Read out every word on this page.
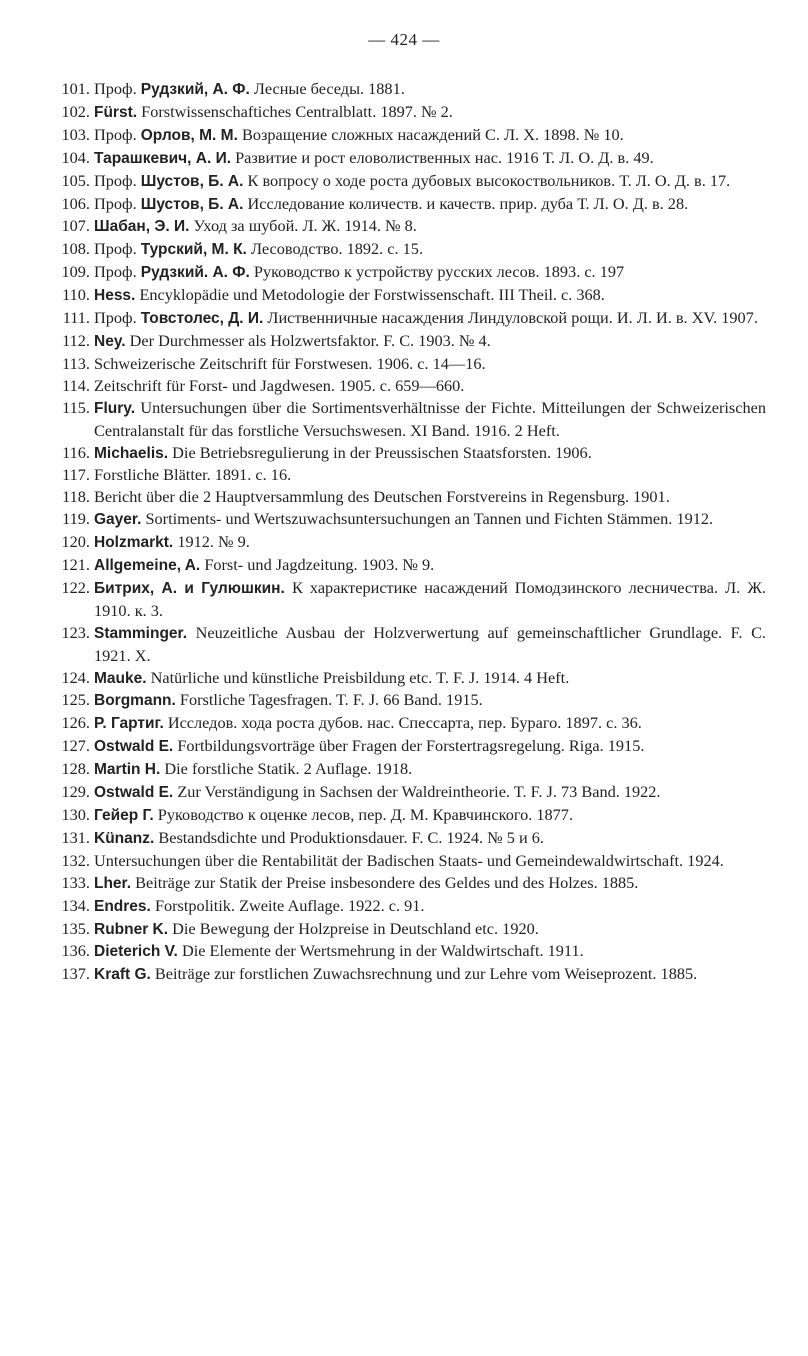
— 424 —
101. Проф. Рудзкий, А. Ф. Лесные беседы. 1881.
102. Fürst. Forstwissenschaftiches Centralblatt. 1897. № 2.
103. Проф. Орлов, М. М. Возращение сложных насаждений С. Л. Х. 1898. № 10.
104. Тарашкевич, А. И. Развитие и рост еловолиственных нас. 1916 Т. Л. О. Д. в. 49.
105. Проф. Шустов, Б. А. К вопросу о ходе роста дубовых высокоствольников. Т. Л. О. Д. в. 17.
106. Проф. Шустов, Б. А. Исследование количеств. и качеств. прир. дуба Т. Л. О. Д. в. 28.
107. Шабан, Э. И. Уход за шубой. Л. Ж. 1914. № 8.
108. Проф. Турский, М. К. Лесоводство. 1892. с. 15.
109. Проф. Рудзкий. А. Ф. Руководство к устройству русских лесов. 1893. с. 197
110. Hess. Encyklopädie und Metodologie der Forstwissenschaft. III Theil. с. 368.
111. Проф. Товстолес, Д. И. Лиственничные насаждения Линдуловской рощи. И. Л. И. в. XV. 1907.
112. Ney. Der Durchmesser als Holzwertsfaktor. F. C. 1903. № 4.
113. Schweizerische Zeitschrift für Forstwesen. 1906. с. 14—16.
114. Zeitschrift für Forst- und Jagdwesen. 1905. с. 659—660.
115. Flury. Untersuchungen über die Sortimentsverhältnisse der Fichte. Mitteilungen der Schweizerischen Centralanstalt für das forstliche Versuchswesen. XI Band. 1916. 2 Heft.
116. Michaelis. Die Betriebsregulierung in der Preussischen Staatsforsten. 1906.
117. Forstliche Blätter. 1891. с. 16.
118. Bericht über die 2 Hauptversammlung des Deutschen Forstvereins in Regensburg. 1901.
119. Gayer. Sortiments- und Wertszuwachsuntersuchungen an Tannen und Fichten Stämmen. 1912.
120. Holzmarkt. 1912. № 9.
121. Allgemeine, A. Forst- und Jagdzeitung. 1903. № 9.
122. Битрих, А. и Гулюшкин. К характеристике насаждений Помодзинского лесничества. Л. Ж. 1910. к. 3.
123. Stamminger. Neuzeitliche Ausbau der Holzverwertung auf gemeinschaftlicher Grundlage. F. C. 1921. X.
124. Mauke. Natürliche und künstliche Preisbildung etc. T. F. J. 1914. 4 Heft.
125. Borgmann. Forstliche Tagesfragen. T. F. J. 66 Band. 1915.
126. P. Гартиг. Исследов. хода роста дубов. нас. Спессарта, пер. Бураго. 1897. с. 36.
127. Ostwald E. Fortbildungsvorträge über Fragen der Forstertragsregelung. Riga. 1915.
128. Martin H. Die forstliche Statik. 2 Auflage. 1918.
129. Ostwald E. Zur Verständigung in Sachsen der Waldreintheorie. T. F. J. 73 Band. 1922.
130. Гейер Г. Руководство к оценке лесов, пер. Д. М. Кравчинского. 1877.
131. Künanz. Bestandsdichte und Produktionsdauer. F. C. 1924. № 5 и 6.
132. Untersuchungen über die Rentabilität der Badischen Staats- und Gemeindewaldwirtschaft. 1924.
133. Lher. Beiträge zur Statik der Preise insbesondere des Geldes und des Holzes. 1885.
134. Endres. Forstpolitik. Zweite Auflage. 1922. с. 91.
135. Rubner K. Die Bewegung der Holzpreise in Deutschland etc. 1920.
136. Dieterich V. Die Elemente der Wertsmehrung in der Waldwirtschaft. 1911.
137. Kraft G. Beiträge zur forstlichen Zuwachsrechnung und zur Lehre vom Weiseprozent. 1885.
